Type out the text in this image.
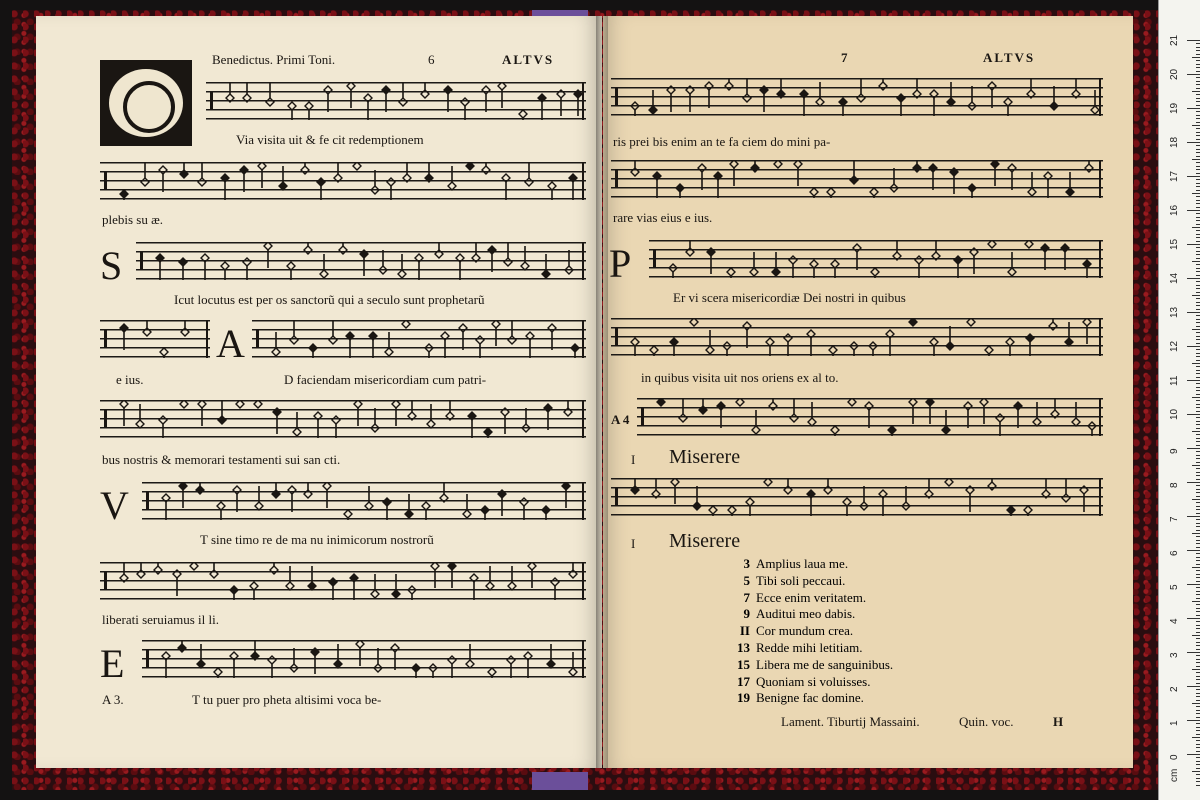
Benedictus. Primi Toni.	6	ALTVS
Via visita uit & fe cit redemptionem
plebis su æ.
S
Icut locutus est per os sanctorũ qui a seculo sunt prophetarũ
A
e ius.	D faciendam misericordiam cum patri-
bus nostris & memorari testamenti sui san cti.
V
T sine timo re de ma nu inimicorum nostrorũ
liberati seruiamus il li.
E
A 3.	T tu puer pro pheta altisimi voca be-
7	ALTVS
ris prei bis enim an te fa ciem do mini pa-
rare vias eius e ius.
P
Er vi scera misericordiæ Dei nostri in quibus
in quibus visita uit nos oriens ex al to.
A 4
I Miserere
I Miserere
Lament. Tiburtij Massaini.	Quin. voc.	H
3 Amplius laua me.
5 Tibi soli peccaui.
7 Ecce enim veritatem.
9 Auditui meo dabis.
II Cor mundum crea.
13 Redde mihi letitiam.
15 Libera me de sanguinibus.
17 Quoniam si voluisses.
19 Benigne fac domine.
21
20
19
18
17
16
15
14
13
12
11
10
9
8
7
6
5
4
3
2
1
0
cm
